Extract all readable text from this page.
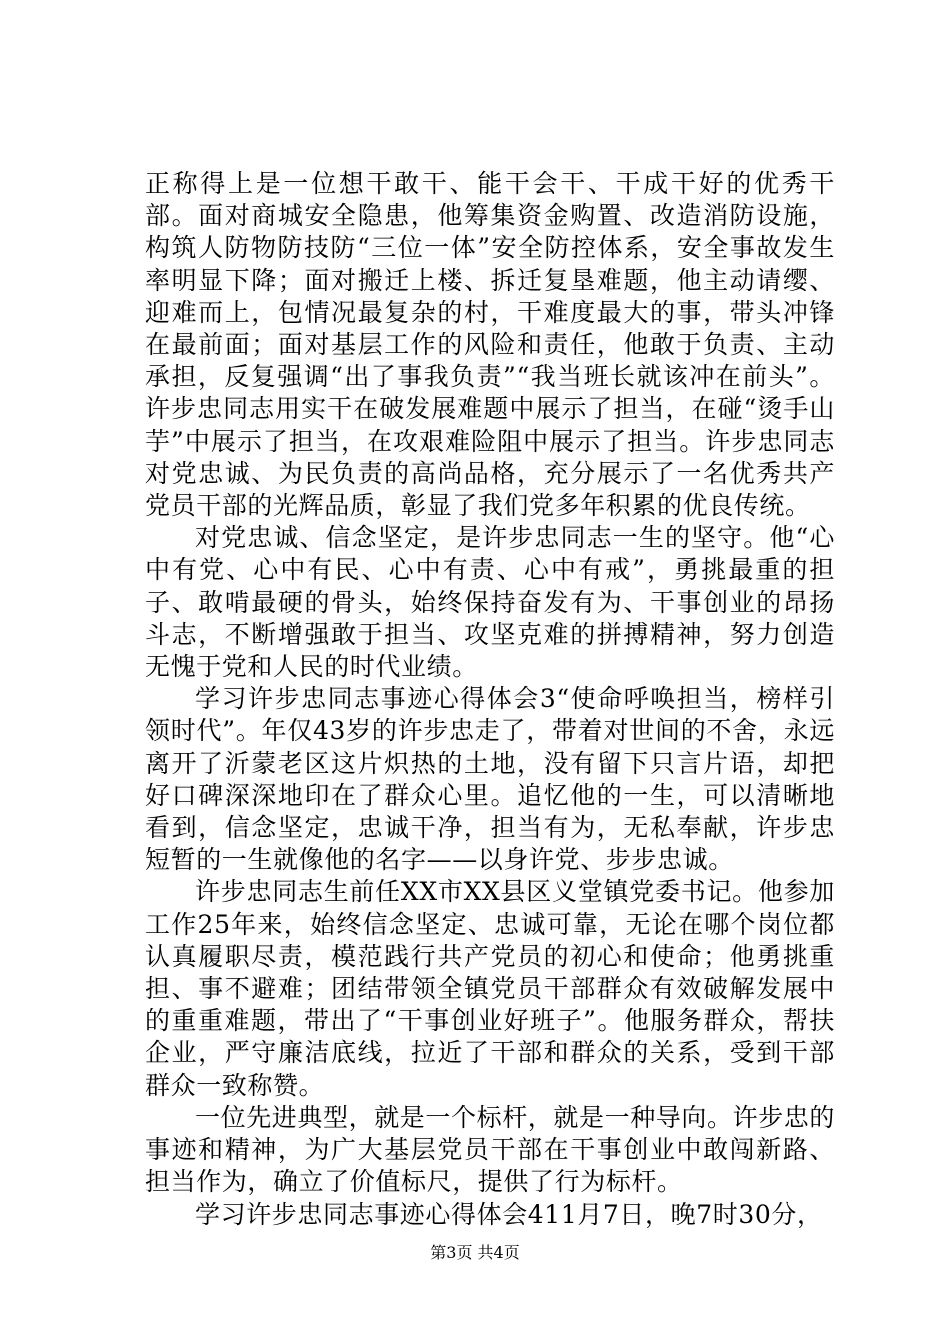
正称得上是一位想干敢干、能干会干、干成干好的优秀干部。面对商城安全隐患，他筹集资金购置、改造消防设施，构筑人防物防技防“三位一体”安全防控体系，安全事故发生率明显下降；面对搬迁上楼、拆迁复垦难题，他主动请缨、迎难而上，包情况最复杂的村，干难度最大的事，带头冲锋在最前面；面对基层工作的风险和责任，他敢于负责、主动承担，反复强调“出了事我负责”“我当班长就该冲在前头”。许步忠同志用实干在破发展难题中展示了担当，在碰“烫手山芋”中展示了担当，在攻艰难险阻中展示了担当。许步忠同志对党忠诚、为民负责的高尚品格，充分展示了一名优秀共产党员干部的光辉品质，彰显了我们党多年积累的优良传统。

对党忠诚、信念坚定，是许步忠同志一生的坚守。他“心中有党、心中有民、心中有责、心中有戒”，勇挑最重的担子、敢啃最硬的骨头，始终保持奋发有为、干事创业的昂扬斗志，不断增强敢于担当、攻坚克难的拼搏精神，努力创造无愧于党和人民的时代业绩。

学习许步忠同志事迹心得体会3“使命呼唤担当，榜样引领时代”。年仅43岁的许步忠走了，带着对世间的不舍，永远离开了沂蒙老区这片炽热的土地，没有留下只言片语，却把好口碑深深地印在了群众心里。追忆他的一生，可以清晰地看到，信念坚定，忠诚干净，担当有为，无私奉献，许步忠短暂的一生就像他的名字——以身许党、步步忠诚。

许步忠同志生前任XX市XX县区义堂镇党委书记。他参加工作25年来，始终信念坚定、忠诚可靠，无论在哪个岗位都认真履职尽责，模范践行共产党员的初心和使命；他勇挑重担、事不避难；团结带领全镇党员干部群众有效破解发展中的重重难题，带出了“干事创业好班子”。他服务群众，帮扶企业，严守廉洁底线，拉近了干部和群众的关系，受到干部群众一致称赞。

一位先进典型，就是一个标杆，就是一种导向。许步忠的事迹和精神，为广大基层党员干部在干事创业中敢闯新路、担当作为，确立了价值标尺，提供了行为标杆。

学习许步忠同志事迹心得体会411月7日，晚7时30分，

第3页 共4页
